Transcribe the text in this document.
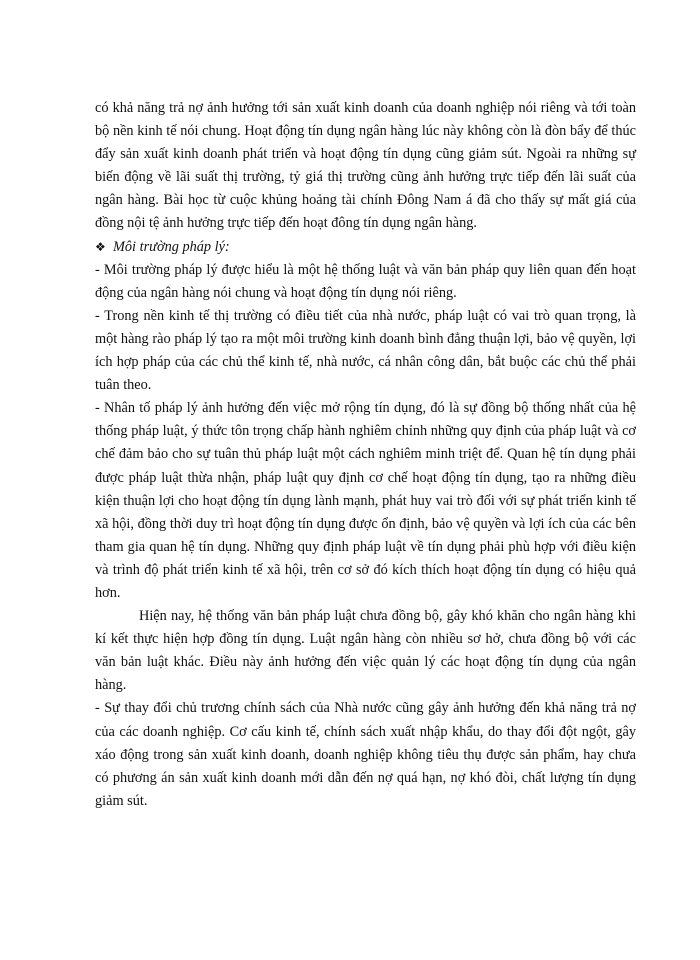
có khả năng trả nợ ảnh hưởng tới sản xuất kinh doanh của doanh nghiệp nói riêng và tới toàn bộ nền kinh tế nói chung. Hoạt động tín dụng ngân hàng lúc này không còn là đòn bẩy để thúc đẩy sản xuất kinh doanh phát triển và hoạt động tín dụng cũng giảm sút. Ngoài ra những sự biến động về lãi suất thị trường, tỷ giá thị trường cũng ảnh hưởng trực tiếp đến lãi suất của ngân hàng. Bài học từ cuộc khủng hoảng tài chính Đông Nam á đã cho thấy sự mất giá của đồng nội tệ ảnh hưởng trực tiếp đến hoạt đông tín dụng ngân hàng.

❖ Môi trường pháp lý:

- Môi trường pháp lý được hiểu là một hệ thống luật và văn bản pháp quy liên quan đến hoạt động của ngân hàng nói chung và hoạt động tín dụng nói riêng.

- Trong nền kinh tế thị trường có điều tiết của nhà nước, pháp luật có vai trò quan trọng, là một hàng rào pháp lý tạo ra một môi trường kinh doanh bình đẳng thuận lợi, bảo vệ quyền, lợi ích hợp pháp của các chủ thể kinh tế, nhà nước, cá nhân công dân, bắt buộc các chủ thể phải tuân theo.

- Nhân tố pháp lý ảnh hưởng đến việc mở rộng tín dụng, đó là sự đồng bộ thống nhất của hệ thống pháp luật, ý thức tôn trọng chấp hành nghiêm chỉnh những quy định của pháp luật và cơ chế đảm bảo cho sự tuân thủ pháp luật một cách nghiêm minh triệt để. Quan hệ tín dụng phải được pháp luật thừa nhận, pháp luật quy định cơ chế hoạt động tín dụng, tạo ra những điều kiện thuận lợi cho hoạt động tín dụng lành mạnh, phát huy vai trò đối với sự phát triển kinh tế xã hội, đồng thời duy trì hoạt động tín dụng được ổn định, bảo vệ quyền và lợi ích của các bên tham gia quan hệ tín dụng. Những quy định pháp luật về tín dụng phải phù hợp với điều kiện và trình độ phát triển kinh tế xã hội, trên cơ sở đó kích thích hoạt động tín dụng có hiệu quả hơn.

Hiện nay, hệ thống văn bản pháp luật chưa đồng bộ, gây khó khăn cho ngân hàng khi kí kết thực hiện hợp đồng tín dụng. Luật ngân hàng còn nhiều sơ hở, chưa đồng bộ với các văn bản luật khác. Điều này ảnh hưởng đến việc quản lý các hoạt động tín dụng của ngân hàng.

- Sự thay đổi chủ trương chính sách của Nhà nước cũng gây ảnh hưởng đến khả năng trả nợ của các doanh nghiệp. Cơ cấu kinh tế, chính sách xuất nhập khẩu, do thay đổi đột ngột, gây xáo động trong sản xuất kinh doanh, doanh nghiệp không tiêu thụ được sản phẩm, hay chưa có phương án sản xuất kinh doanh mới dẫn đến nợ quá hạn, nợ khó đòi, chất lượng tín dụng giảm sút.
